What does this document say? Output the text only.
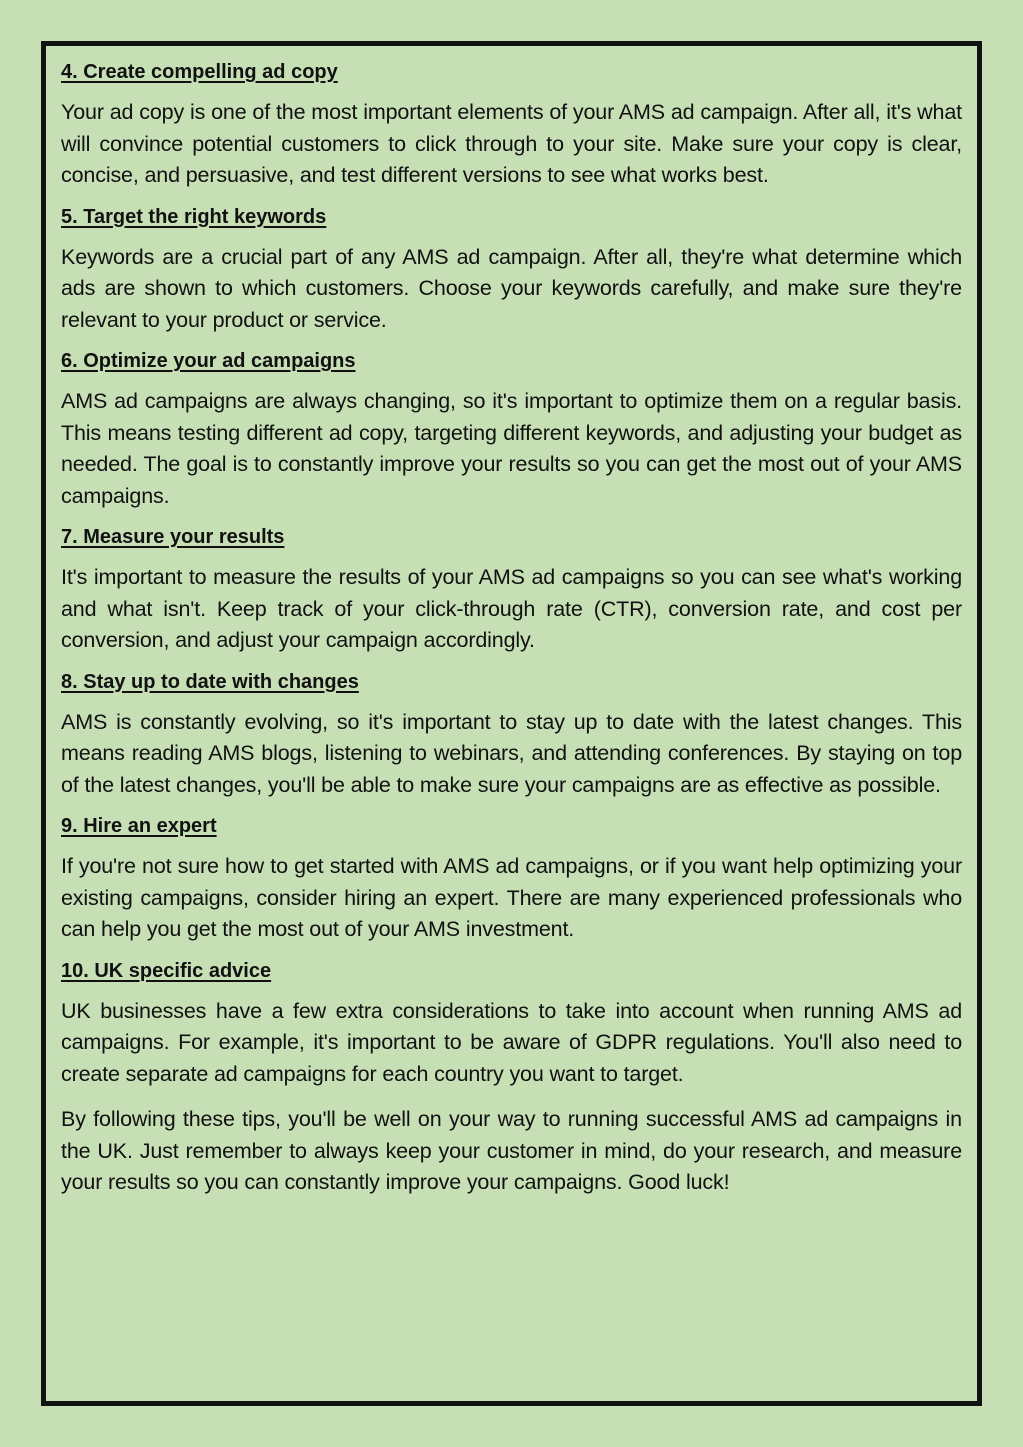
4. Create compelling ad copy

Your ad copy is one of the most important elements of your AMS ad campaign. After all, it's what will convince potential customers to click through to your site. Make sure your copy is clear, concise, and persuasive, and test different versions to see what works best.

5. Target the right keywords

Keywords are a crucial part of any AMS ad campaign. After all, they're what determine which ads are shown to which customers. Choose your keywords carefully, and make sure they're relevant to your product or service.

6. Optimize your ad campaigns

AMS ad campaigns are always changing, so it's important to optimize them on a regular basis. This means testing different ad copy, targeting different keywords, and adjusting your budget as needed. The goal is to constantly improve your results so you can get the most out of your AMS campaigns.

7. Measure your results

It's important to measure the results of your AMS ad campaigns so you can see what's working and what isn't. Keep track of your click-through rate (CTR), conversion rate, and cost per conversion, and adjust your campaign accordingly.

8. Stay up to date with changes

AMS is constantly evolving, so it's important to stay up to date with the latest changes. This means reading AMS blogs, listening to webinars, and attending conferences. By staying on top of the latest changes, you'll be able to make sure your campaigns are as effective as possible.

9. Hire an expert

If you're not sure how to get started with AMS ad campaigns, or if you want help optimizing your existing campaigns, consider hiring an expert. There are many experienced professionals who can help you get the most out of your AMS investment.

10. UK specific advice

UK businesses have a few extra considerations to take into account when running AMS ad campaigns. For example, it's important to be aware of GDPR regulations. You'll also need to create separate ad campaigns for each country you want to target.

By following these tips, you'll be well on your way to running successful AMS ad campaigns in the UK. Just remember to always keep your customer in mind, do your research, and measure your results so you can constantly improve your campaigns. Good luck!
